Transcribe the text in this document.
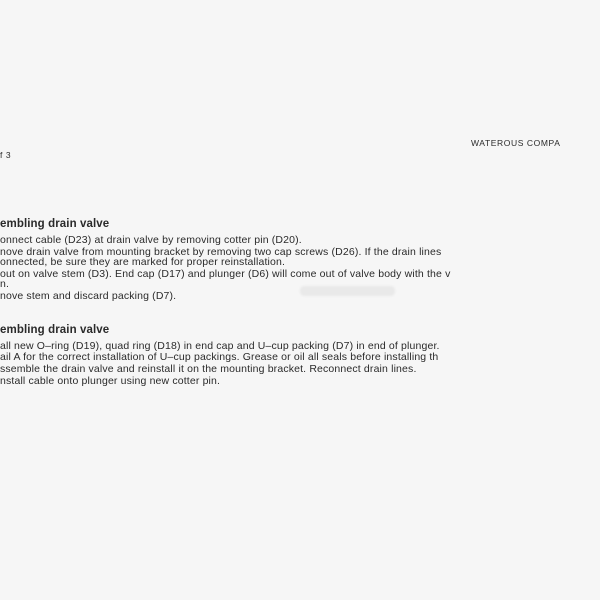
f 3
WATEROUS COMPA
embling drain valve
onnect cable (D23) at drain valve by removing cotter pin (D20).
nove drain valve from mounting bracket by removing two cap screws (D26). If the drain lines
onnected, be sure they are marked for proper reinstallation.
out on valve stem (D3). End cap (D17) and plunger (D6) will come out of valve body with the v
n.
nove stem and discard packing (D7).
embling drain valve
all new O–ring (D19), quad ring (D18) in end cap and U–cup packing (D7) in end of plunger.
ail A for the correct installation of U–cup packings. Grease or oil all seals before installing th
ssemble the drain valve and reinstall it on the mounting bracket. Reconnect drain lines.
nstall cable onto plunger using new cotter pin.
